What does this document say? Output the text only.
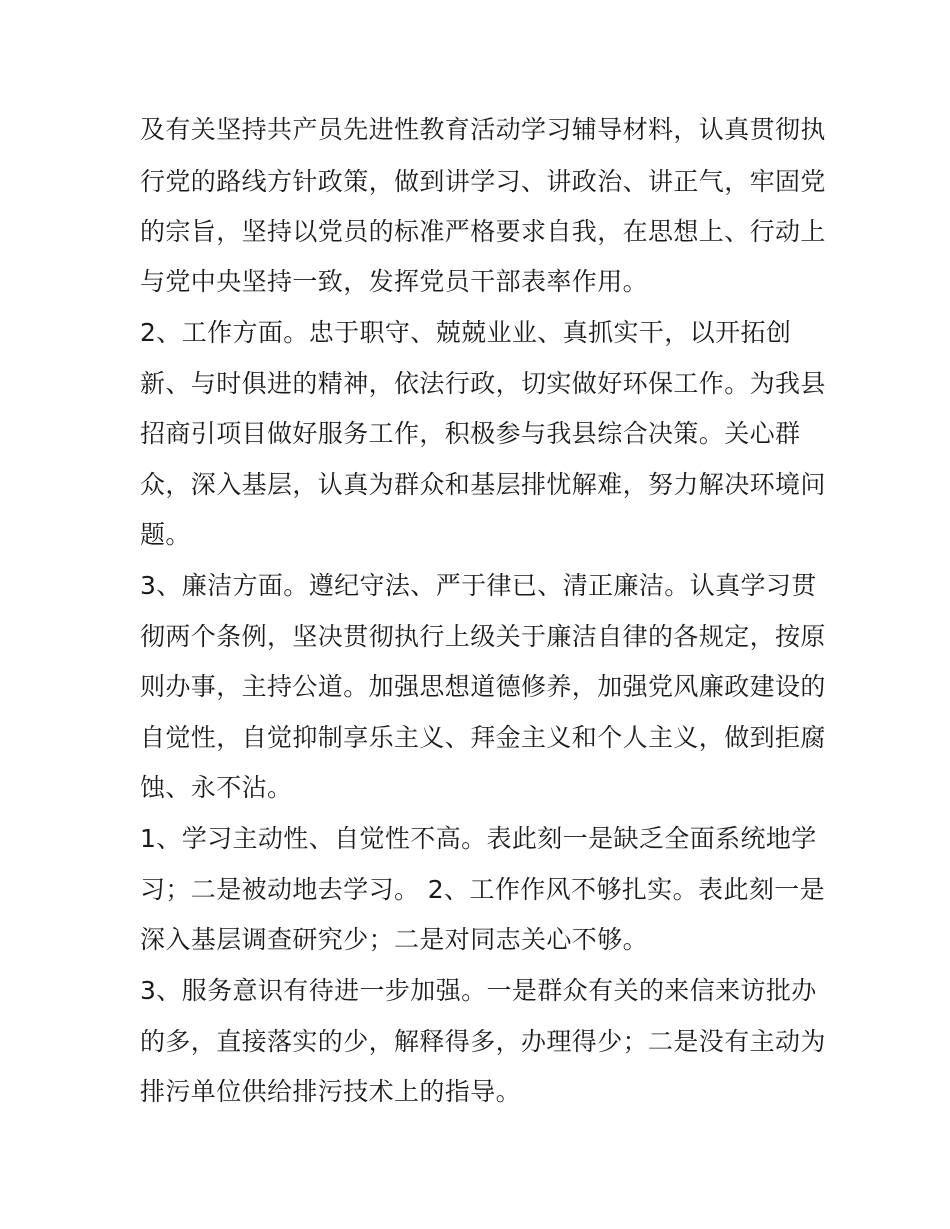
及有关坚持共产员先进性教育活动学习辅导材料，认真贯彻执
行党的路线方针政策，做到讲学习、讲政治、讲正气，牢固党
的宗旨，坚持以党员的标准严格要求自我，在思想上、行动上
与党中央坚持一致，发挥党员干部表率作用。
2、工作方面。忠于职守、兢兢业业、真抓实干，以开拓创
新、与时俱进的精神，依法行政，切实做好环保工作。为我县
招商引项目做好服务工作，积极参与我县综合决策。关心群
众，深入基层，认真为群众和基层排忧解难，努力解决环境问
题。
3、廉洁方面。遵纪守法、严于律已、清正廉洁。认真学习贯
彻两个条例，坚决贯彻执行上级关于廉洁自律的各规定，按原
则办事，主持公道。加强思想道德修养，加强党风廉政建设的
自觉性，自觉抑制享乐主义、拜金主义和个人主义，做到拒腐
蚀、永不沾。
1、学习主动性、自觉性不高。表此刻一是缺乏全面系统地学
习；二是被动地去学习。 2、工作作风不够扎实。表此刻一是
深入基层调查研究少；二是对同志关心不够。
3、服务意识有待进一步加强。一是群众有关的来信来访批办
的多，直接落实的少，解释得多，办理得少；二是没有主动为
排污单位供给排污技术上的指导。
